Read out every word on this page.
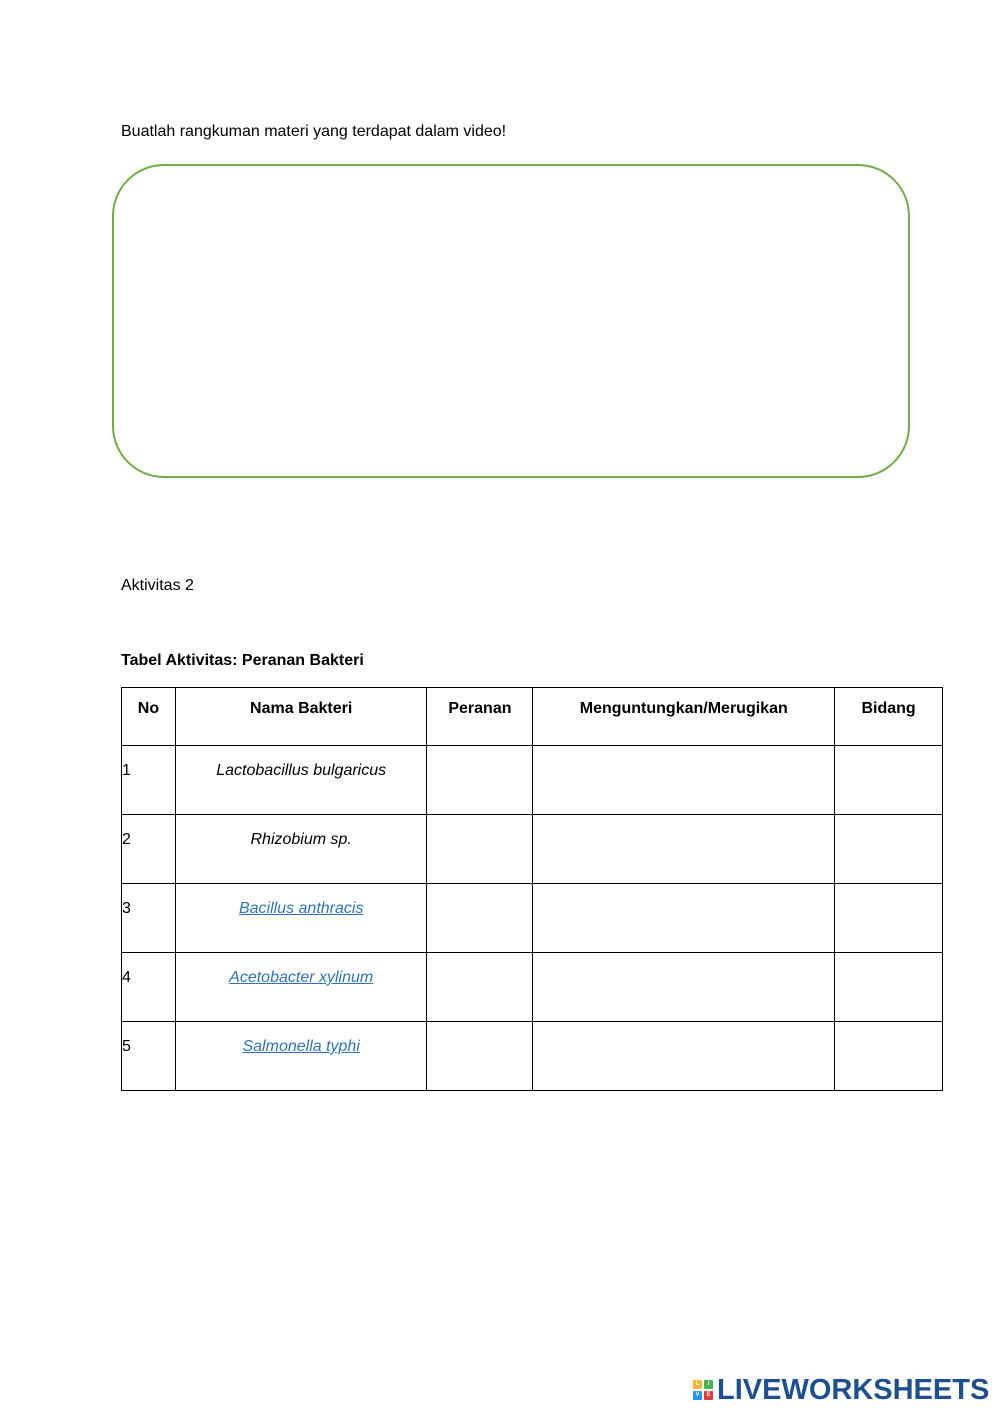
Buatlah rangkuman materi yang terdapat dalam video!
Aktivitas 2
Tabel Aktivitas: Peranan Bakteri
No	Nama Bakteri	Peranan	Menguntungkan/Merugikan	Bidang
1	Lactobacillus bulgaricus			
2	Rhizobium sp.			
3	Bacillus anthracis			
4	Acetobacter xylinum			
5	Salmonella typhi			
L	I
V	E LIVEWORKSHEETS
